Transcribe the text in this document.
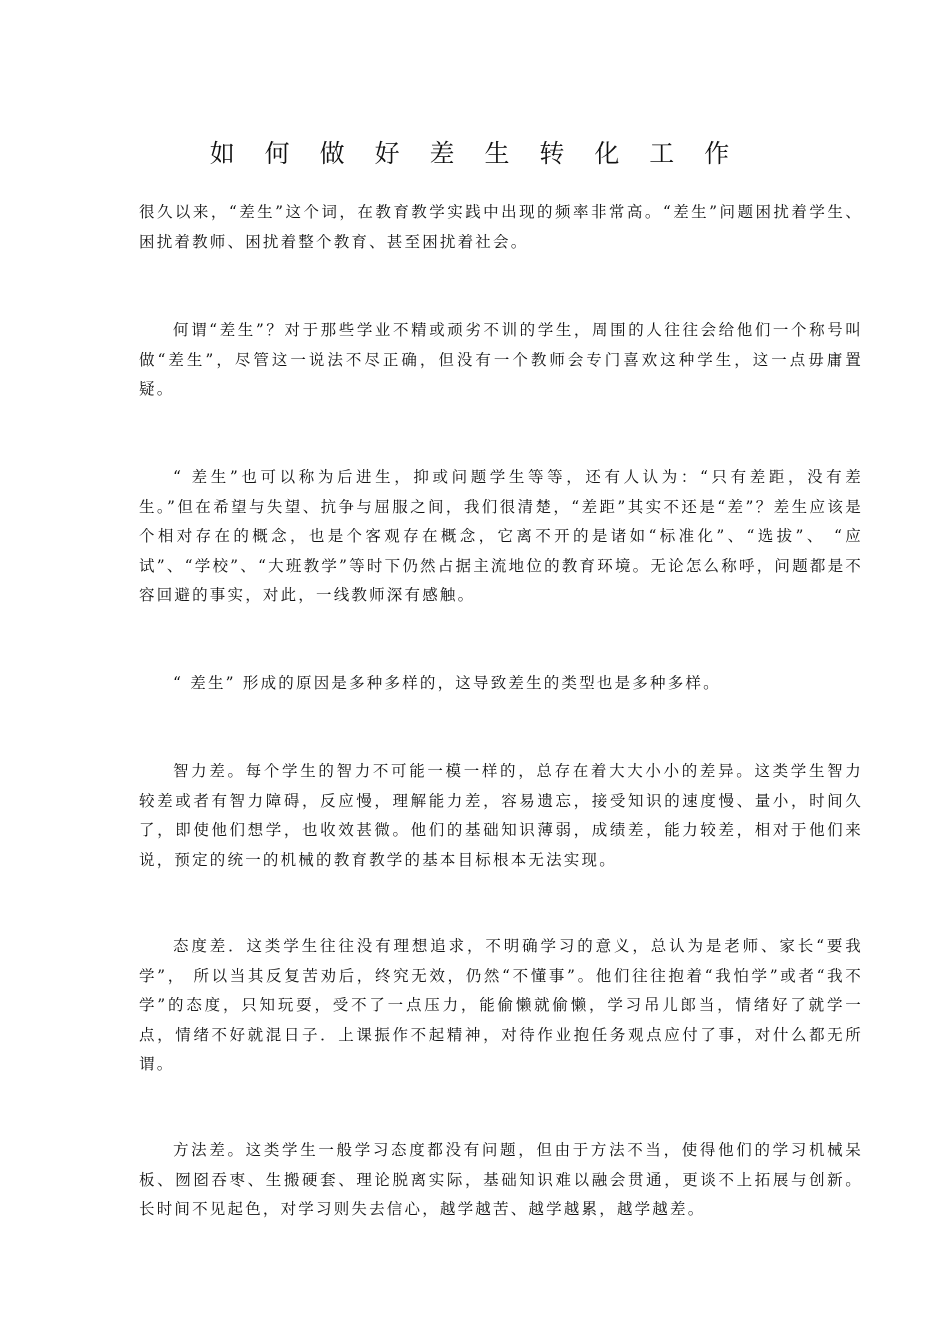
如 何 做 好 差 生 转 化 工 作

很久以来，“差生”这个词，在教育教学实践中出现的频率非常高。“差生”问题困扰着学生、困扰着教师、困扰着整个教育、甚至困扰着社会。

何谓“差生”？对于那些学业不精或顽劣不训的学生，周围的人往往会给他们一个称号叫做“差生”，尽管这一说法不尽正确，但没有一个教师会专门喜欢这种学生，这一点毋庸置疑。

“ 差生”也可以称为后进生，抑或问题学生等等，还有人认为：“只有差距，没有差生。”但在希望与失望、抗争与屈服之间，我们很清楚，“差距”其实不还是“差”？差生应该是个相对存在的概念，也是个客观存在概念，它离不开的是诸如“标准化”、“选拔”、 “应试”、“学校”、“大班教学”等时下仍然占据主流地位的教育环境。无论怎么称呼，问题都是不容回避的事实，对此，一线教师深有感触。

“ 差生” 形成的原因是多种多样的，这导致差生的类型也是多种多样。

智力差。每个学生的智力不可能一模一样的，总存在着大大小小的差异。这类学生智力较差或者有智力障碍，反应慢，理解能力差，容易遗忘，接受知识的速度慢、量小，时间久了，即使他们想学，也收效甚微。他们的基础知识薄弱，成绩差，能力较差，相对于他们来说，预定的统一的机械的教育教学的基本目标根本无法实现。

态度差．这类学生往往没有理想追求，不明确学习的意义，总认为是老师、家长“要我学”， 所以当其反复苦劝后，终究无效，仍然“不懂事”。他们往往抱着“我怕学”或者“我不学”的态度，只知玩耍，受不了一点压力，能偷懒就偷懒，学习吊儿郎当，情绪好了就学一点，情绪不好就混日子．上课振作不起精神，对待作业抱任务观点应付了事，对什么都无所谓。

方法差。这类学生一般学习态度都没有问题，但由于方法不当，使得他们的学习机械呆板、囫囵吞枣、生搬硬套、理论脱离实际，基础知识难以融会贯通，更谈不上拓展与创新。长时间不见起色，对学习则失去信心，越学越苦、越学越累，越学越差。
